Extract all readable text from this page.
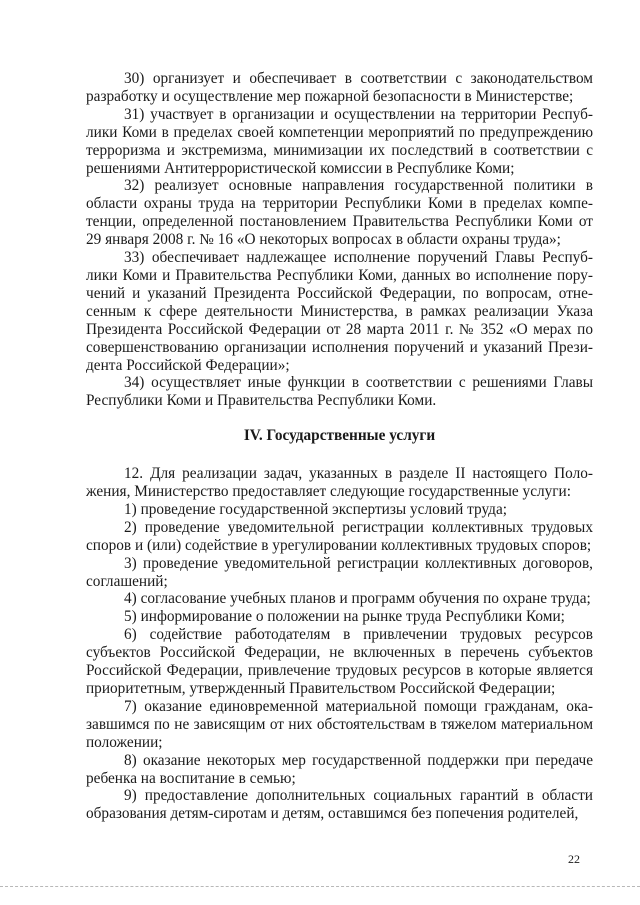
30) организует и обеспечивает в соответствии с законодательством разработку и осуществление мер пожарной безопасности в Министерстве;

31) участвует в организации и осуществлении на территории Республики Коми в пределах своей компетенции мероприятий по предупреждению терроризма и экстремизма, минимизации их последствий в соответствии с решениями Антитеррористической комиссии в Республике Коми;

32) реализует основные направления государственной политики в области охраны труда на территории Республики Коми в пределах компетенции, определенной постановлением Правительства Республики Коми от 29 января 2008 г. № 16 «О некоторых вопросах в области охраны труда»;

33) обеспечивает надлежащее исполнение поручений Главы Республики Коми и Правительства Республики Коми, данных во исполнение поручений и указаний Президента Российской Федерации, по вопросам, отнесенным к сфере деятельности Министерства, в рамках реализации Указа Президента Российской Федерации от 28 марта 2011 г. № 352 «О мерах по совершенствованию организации исполнения поручений и указаний Президента Российской Федерации»;

34) осуществляет иные функции в соответствии с решениями Главы Республики Коми и Правительства Республики Коми.

IV. Государственные услуги

12. Для реализации задач, указанных в разделе II настоящего Положения, Министерство предоставляет следующие государственные услуги:

1) проведение государственной экспертизы условий труда;

2) проведение уведомительной регистрации коллективных трудовых споров и (или) содействие в урегулировании коллективных трудовых споров;

3) проведение уведомительной регистрации коллективных договоров, соглашений;

4) согласование учебных планов и программ обучения по охране труда;

5) информирование о положении на рынке труда Республики Коми;

6) содействие работодателям в привлечении трудовых ресурсов субъектов Российской Федерации, не включенных в перечень субъектов Российской Федерации, привлечение трудовых ресурсов в которые является приоритетным, утвержденный Правительством Российской Федерации;

7) оказание единовременной материальной помощи гражданам, оказавшимся по не зависящим от них обстоятельствам в тяжелом материальном положении;

8) оказание некоторых мер государственной поддержки при передаче ребенка на воспитание в семью;

9) предоставление дополнительных социальных гарантий в области образования детям-сиротам и детям, оставшимся без попечения родителей,

22
